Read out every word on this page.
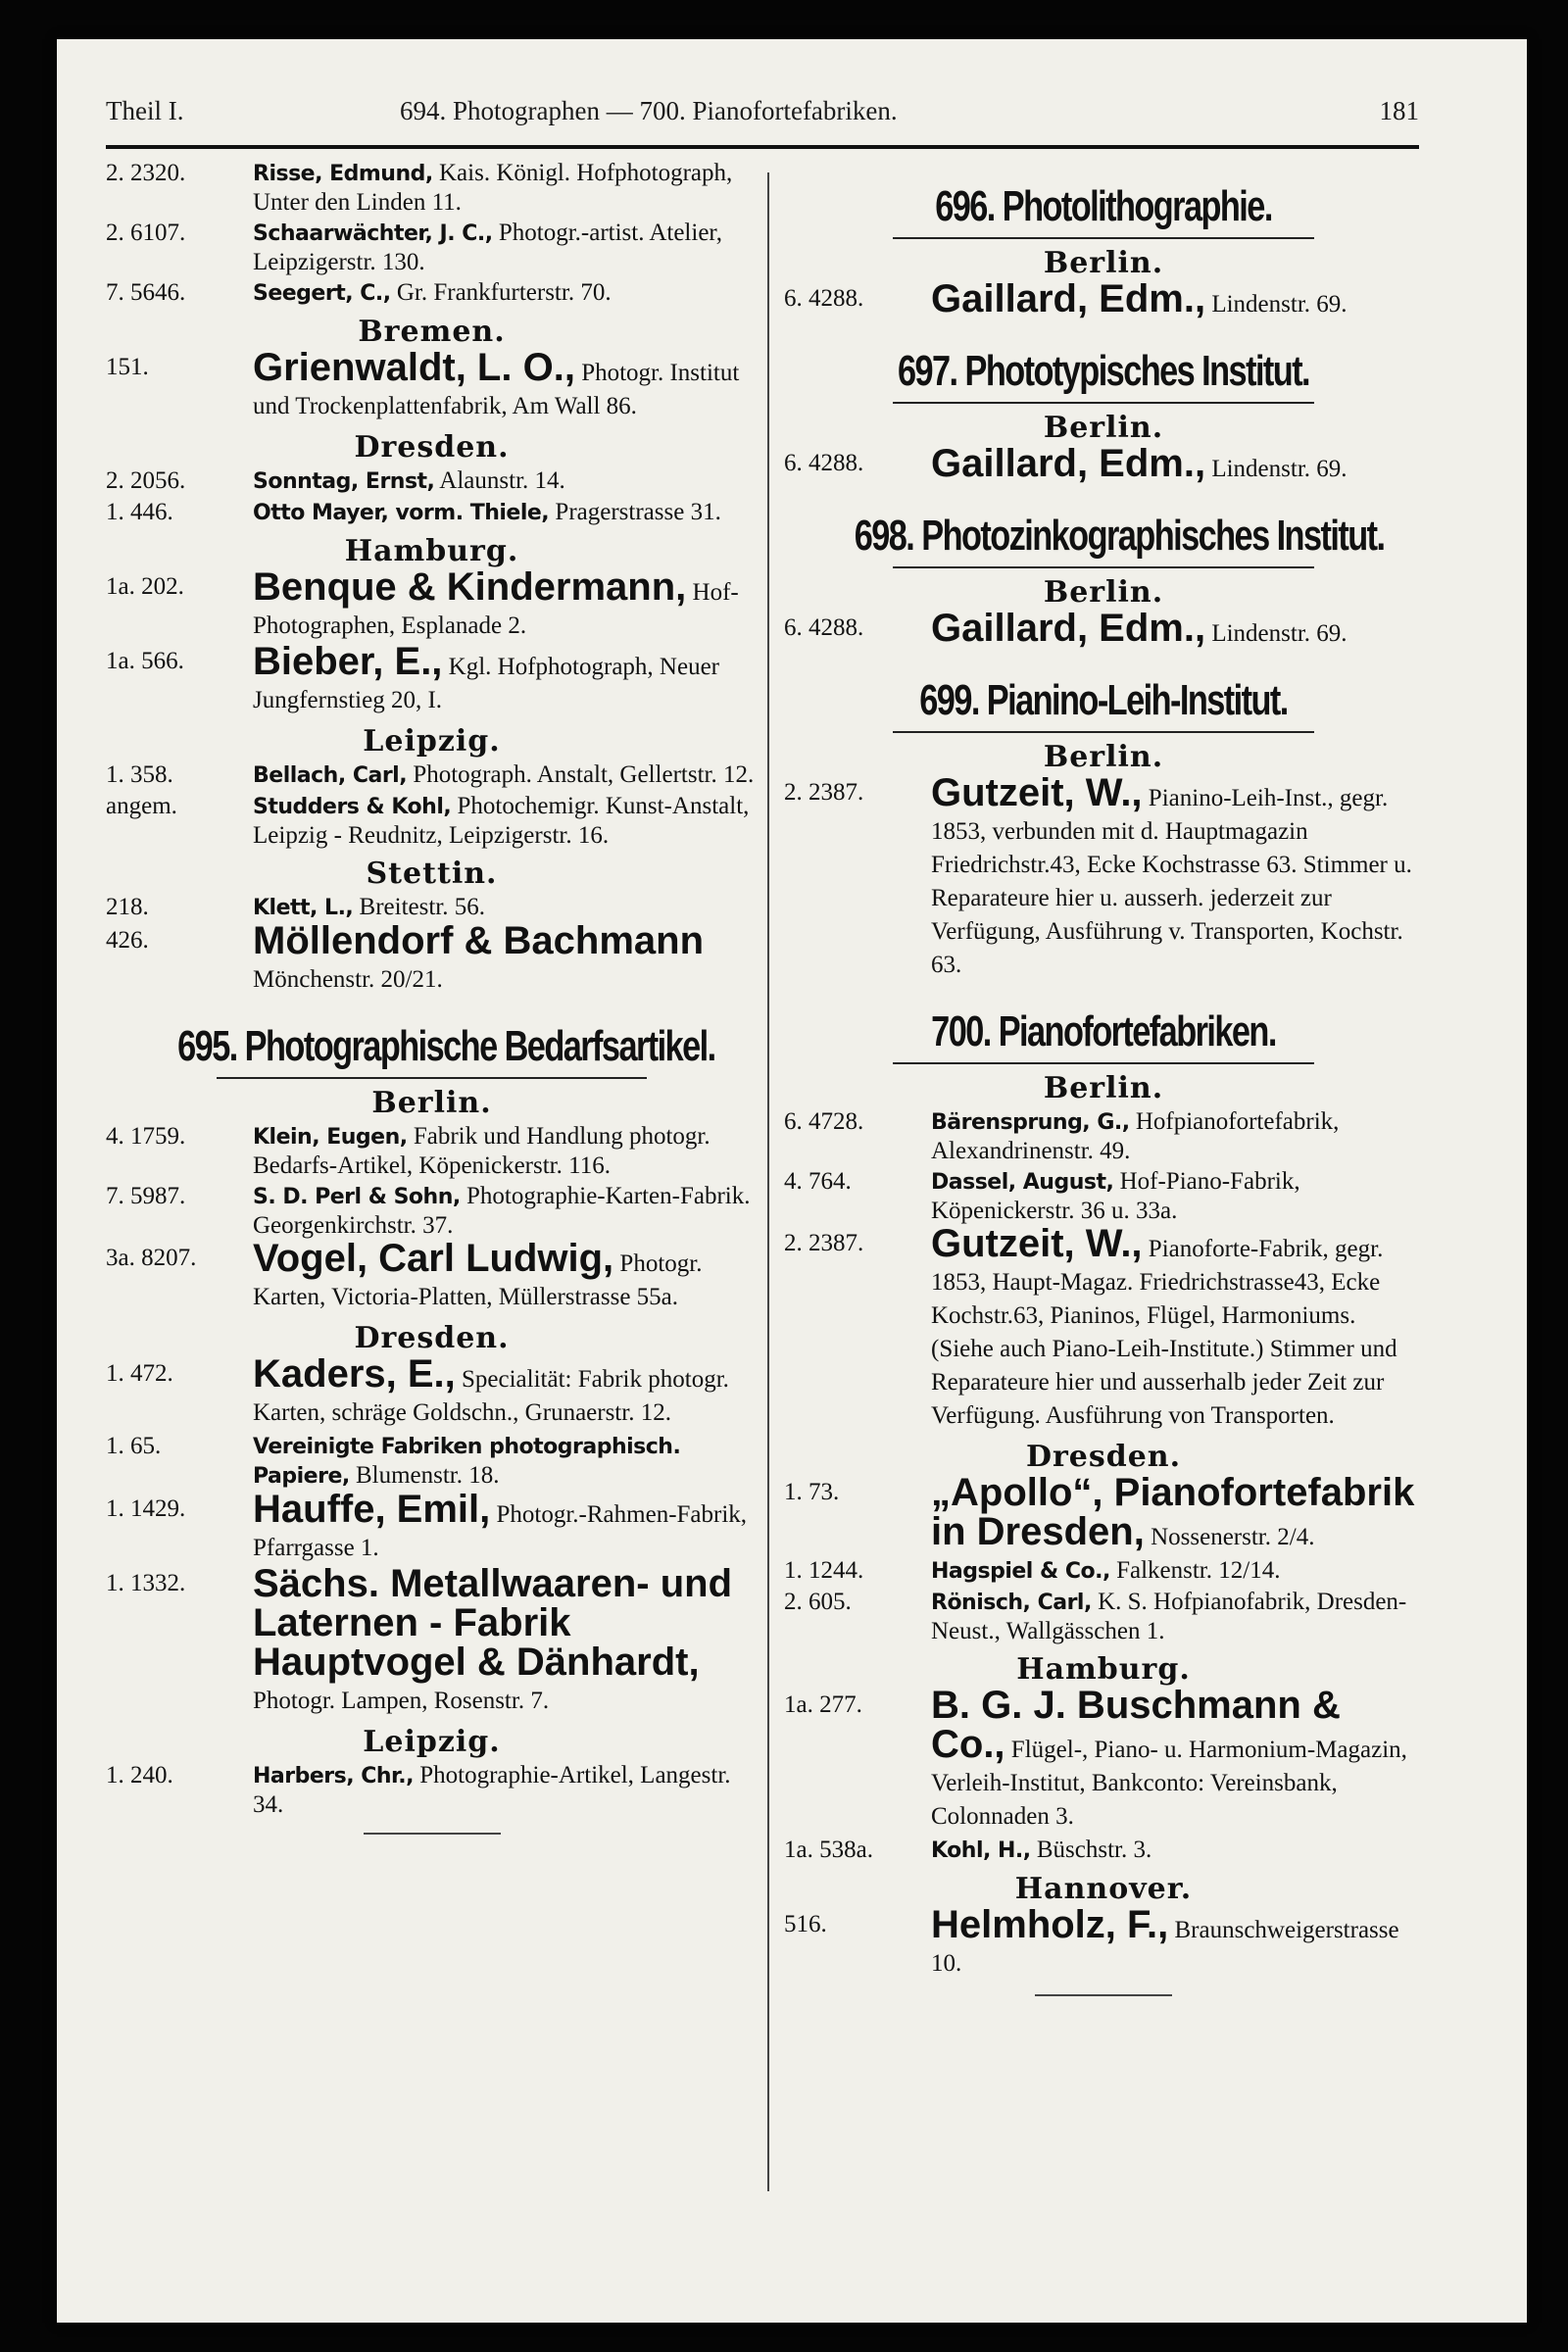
Theil I.	694. Photographen — 700. Pianofortefabriken.	181
2. 2320.	Risse, Edmund, Kais. Königl. Hofphotograph, Unter den Linden 11.
2. 6107.	Schaarwächter, J. C., Photogr.-artist. Atelier, Leipzigerstr. 130.
7. 5646.	Seegert, C., Gr. Frankfurterstr. 70.
Bremen.
151.	Grienwaldt, L. O., Photogr. Institut und Trockenplattenfabrik, Am Wall 86.
Dresden.
2. 2056.	Sonntag, Ernst, Alaunstr. 14.
1. 446.	Otto Mayer, vorm. Thiele, Pragerstrasse 31.
Hamburg.
1a. 202. Benque & Kindermann, Hof-Photographen, Esplanade 2.
1a. 566. Bieber, E., Kgl. Hofphotograph, Neuer Jungfernstieg 20, I.
Leipzig.
1. 358.	Bellach, Carl, Photograph. Anstalt, Gellertstr. 12.
angem.	Studders & Kohl, Photochemigr. Kunst-Anstalt, Leipzig - Reudnitz, Leipzigerstr. 16.
Stettin.
218.	Klett, L., Breitestr. 56.
426.	Möllendorf & Bachmann Mönchenstr. 20/21.
695. Photographische Bedarfsartikel.
Berlin.
4. 1759.	Klein, Eugen, Fabrik und Handlung photogr. Bedarfs-Artikel, Köpenickerstr. 116.
7. 5987.	S. D. Perl & Sohn, Photographie-Karten-Fabrik. Georgenkirchstr. 37.
3a. 8207. Vogel, Carl Ludwig, Photogr. Karten, Victoria-Platten, Müllerstrasse 55a.
Dresden.
1. 472. Kaders, E., Specialität: Fabrik photogr. Karten, schräge Goldschn., Grunaerstr. 12.
1. 65.	Vereinigte Fabriken photographisch. Papiere, Blumenstr. 18.
1. 1429. Hauffe, Emil, Photogr.-Rahmen-Fabrik, Pfarrgasse 1.
1. 1332. Sächs. Metallwaaren- und Laternen - Fabrik Hauptvogel & Dänhardt, Photogr. Lampen, Rosenstr. 7.
Leipzig.
1. 240.	Harbers, Chr., Photographie-Artikel, Langestr. 34.
696. Photolithographie.
Berlin.
6. 4288. Gaillard, Edm., Lindenstr. 69.
697. Phototypisches Institut.
Berlin.
6. 4288. Gaillard, Edm., Lindenstr. 69.
698. Photozinkographisches Institut.
Berlin.
6. 4288. Gaillard, Edm., Lindenstr. 69.
699. Pianino-Leih-Institut.
Berlin.
2. 2387. Gutzeit, W., Pianino-Leih-Inst., gegr. 1853, verbunden mit d. Hauptmagazin Friedrichstr.43, Ecke Kochstrasse 63. Stimmer u. Reparateure hier u. ausserh. jederzeit zur Verfügung, Ausführung v. Transporten, Kochstr. 63.
700. Pianofortefabriken.
Berlin.
6. 4728.	Bärensprung, G., Hofpianofortefabrik, Alexandrinenstr. 49.
4. 764.	Dassel, August, Hof-Piano-Fabrik, Köpenickerstr. 36 u. 33a.
2. 2387. Gutzeit, W., Pianoforte-Fabrik, gegr. 1853, Haupt-Magaz. Friedrichstrasse43, Ecke Kochstr.63, Pianinos, Flügel, Harmoniums. (Siehe auch Piano-Leih-Institute.) Stimmer und Reparateure hier und ausserhalb jeder Zeit zur Verfügung. Ausführung von Transporten.
Dresden.
1. 73. „Apollo“, Pianofortefabrik in Dresden, Nossenerstr. 2/4.
1. 1244.	Hagspiel & Co., Falkenstr. 12/14.
2. 605.	Rönisch, Carl, K. S. Hofpianofabrik, Dresden-Neust., Wallgässchen 1.
Hamburg.
1a. 277. B. G. J. Buschmann & Co., Flügel-, Piano- u. Harmonium-Magazin, Verleih-Institut, Bankconto: Vereinsbank, Colonnaden 3.
1a. 538a.	Kohl, H., Büschstr. 3.
Hannover.
516.	Helmholz, F., Braunschweigerstrasse 10.
